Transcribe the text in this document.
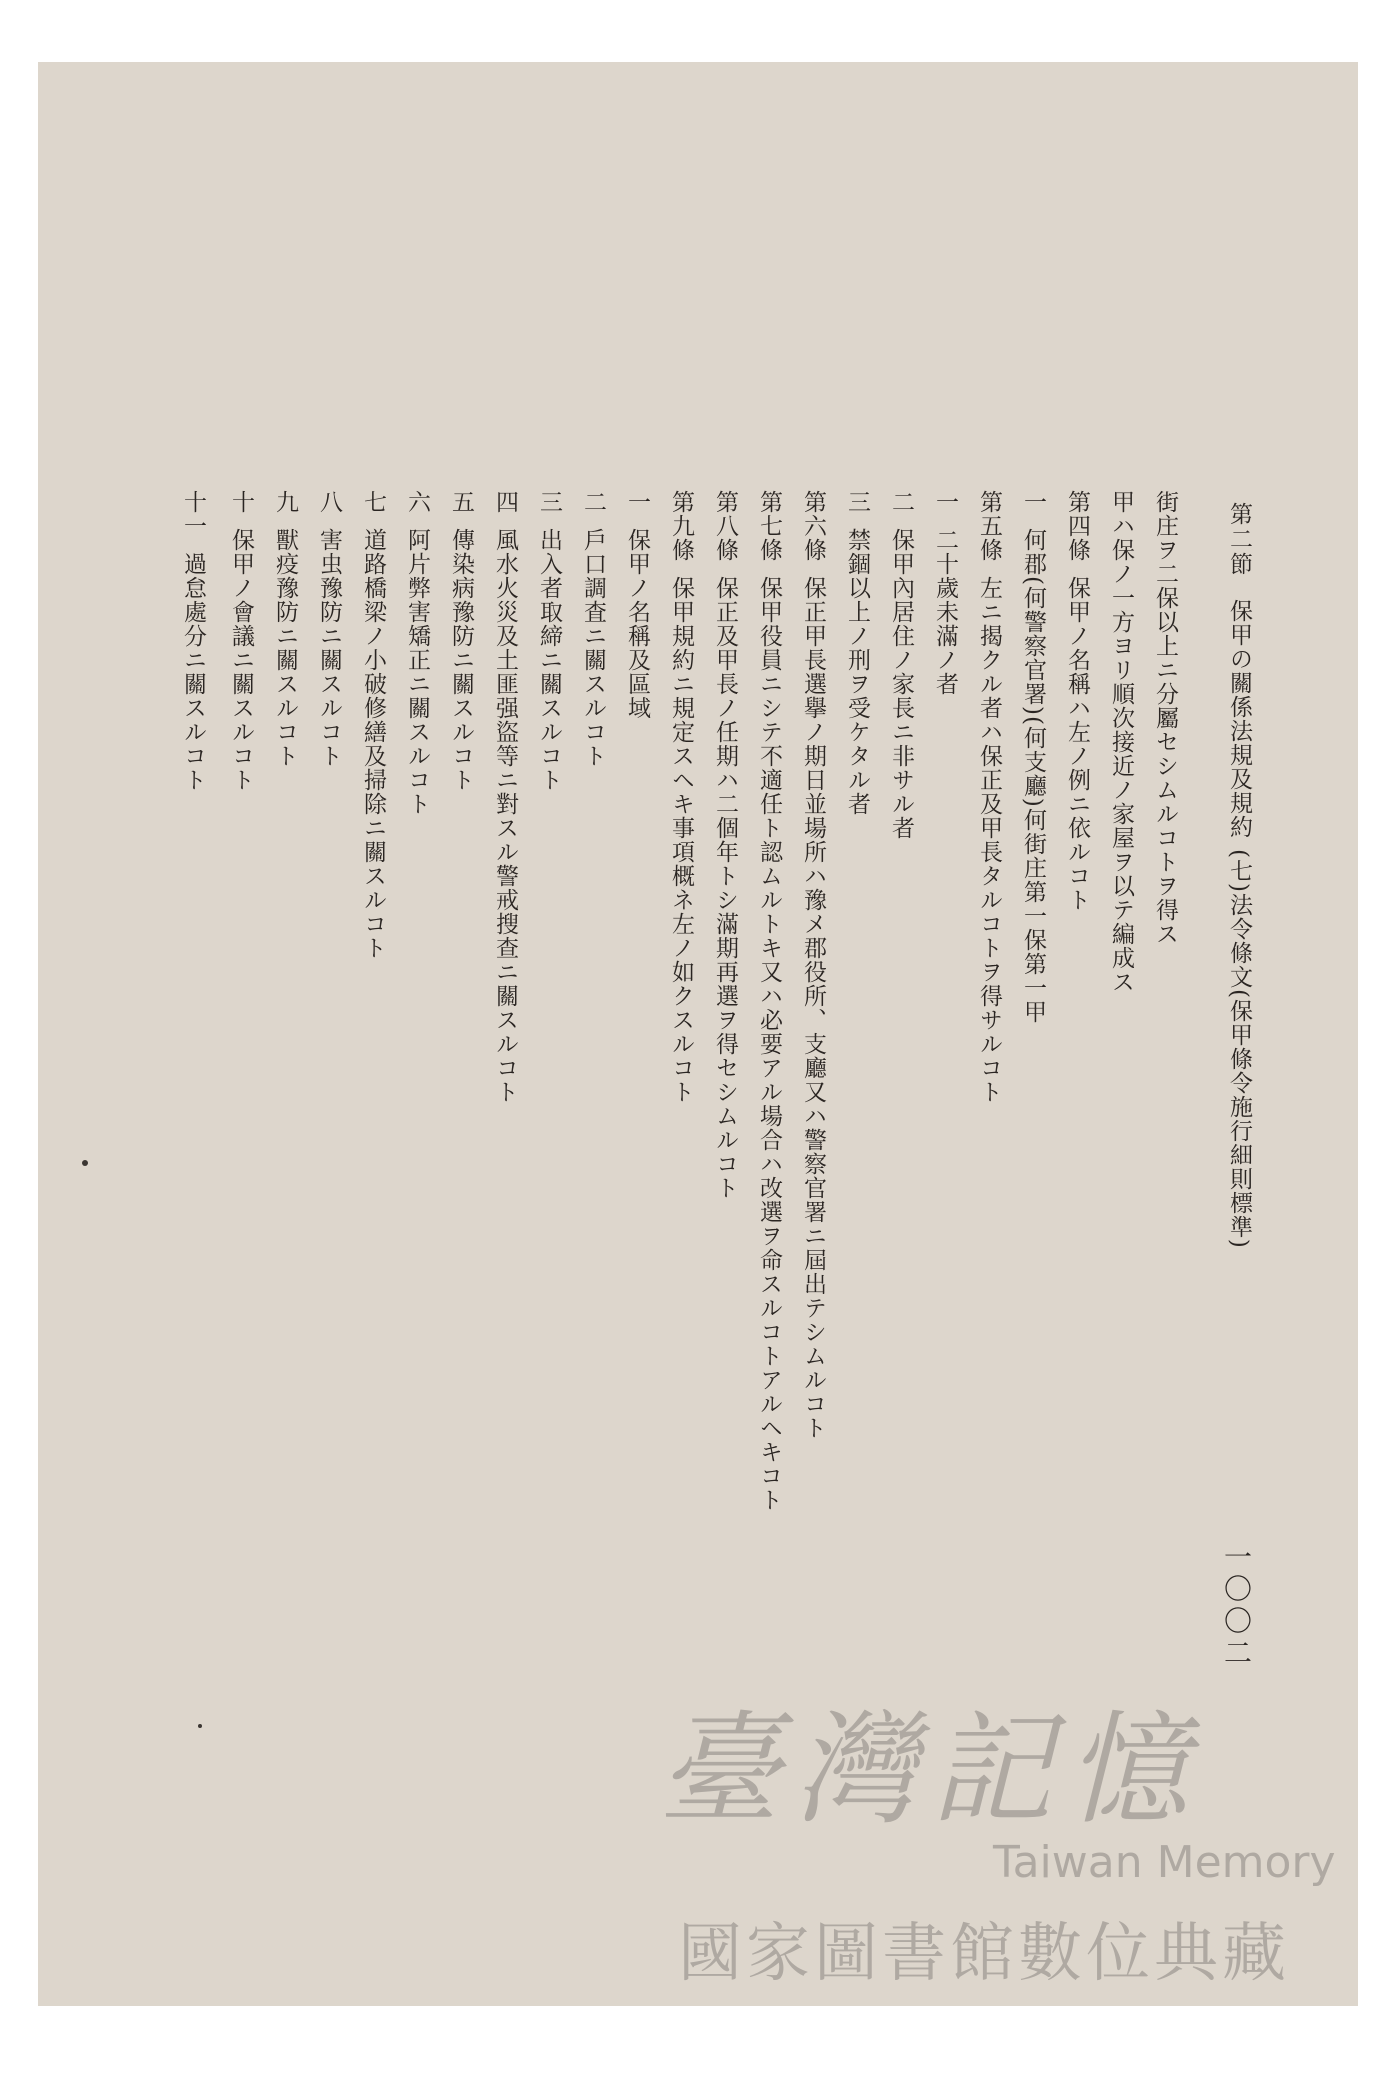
第二節保甲の關係法規及規約(七)法令條文(保甲條令施行細則標準)
一〇〇二
街庄ヲ二保以上ニ分屬セシムルコトヲ得ス
甲ハ保ノ一方ヨリ順次接近ノ家屋ヲ以テ編成ス
第四條保甲ノ名稱ハ左ノ例ニ依ルコト
一何郡(何警察官署)(何支廳)何街庄第一保第一甲
第五條左ニ揭クル者ハ保正及甲長タルコトヲ得サルコト
一二十歲未滿ノ者
二保甲內居住ノ家長ニ非サル者
三禁錮以上ノ刑ヲ受ケタル者
第六條保正甲長選擧ノ期日並場所ハ豫メ郡役所、支廳又ハ警察官署ニ屆出テシムルコト
第七條保甲役員ニシテ不適任ト認ムルトキ又ハ必要アル場合ハ改選ヲ命スルコトアルヘキコト
第八條保正及甲長ノ任期ハ二個年トシ滿期再選ヲ得セシムルコト
第九條保甲規約ニ規定スヘキ事項概ネ左ノ如クスルコト
一保甲ノ名稱及區域
二戶口調査ニ關スルコト
三出入者取締ニ關スルコト
四風水火災及土匪强盜等ニ對スル警戒搜查ニ關スルコト
五傳染病豫防ニ關スルコト
六阿片弊害矯正ニ關スルコト
七道路橋梁ノ小破修繕及掃除ニ關スルコト
八害虫豫防ニ關スルコト
九獸疫豫防ニ關スルコト
十保甲ノ會議ニ關スルコト
十一過怠處分ニ關スルコト
臺灣記憶
Taiwan Memory
國家圖書館數位典藏
